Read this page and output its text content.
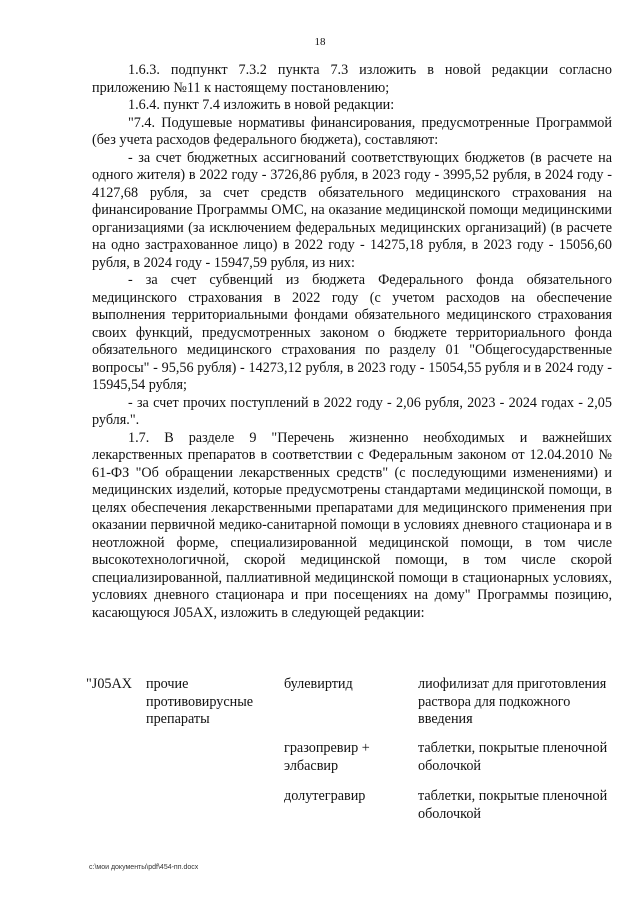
18

1.6.3. подпункт 7.3.2 пункта 7.3 изложить в новой редакции согласно приложению №11 к настоящему постановлению;

1.6.4. пункт 7.4 изложить в новой редакции:

"7.4. Подушевые нормативы финансирования, предусмотренные Программой (без учета расходов федерального бюджета), составляют:

- за счет бюджетных ассигнований соответствующих бюджетов (в расчете на одного жителя) в 2022 году - 3726,86 рубля, в 2023 году - 3995,52 рубля, в 2024 году - 4127,68 рубля, за счет средств обязательного медицинского страхования на финансирование Программы ОМС, на оказание медицинской помощи медицинскими организациями (за исключением федеральных медицинских организаций) (в расчете на одно застрахованное лицо) в 2022 году - 14275,18 рубля, в 2023 году - 15056,60 рубля, в 2024 году - 15947,59 рубля, из них:

- за счет субвенций из бюджета Федерального фонда обязательного медицинского страхования в 2022 году (с учетом расходов на обеспечение выполнения территориальными фондами обязательного медицинского страхования своих функций, предусмотренных законом о бюджете территориального фонда обязательного медицинского страхования по разделу 01 "Общегосударственные вопросы" - 95,56 рубля) - 14273,12 рубля, в 2023 году - 15054,55 рубля и в 2024 году - 15945,54 рубля;

- за счет прочих поступлений в 2022 году - 2,06 рубля, 2023 - 2024 годах - 2,05 рубля.".

1.7. В разделе 9 "Перечень жизненно необходимых и важнейших лекарственных препаратов в соответствии с Федеральным законом от 12.04.2010 № 61-ФЗ "Об обращении лекарственных средств" (с последующими изменениями) и медицинских изделий, которые предусмотрены стандартами медицинской помощи, в целях обеспечения лекарственными препаратами для медицинского применения при оказании первичной медико-санитарной помощи в условиях дневного стационара и в неотложной форме, специализированной медицинской помощи, в том числе высокотехнологичной, скорой медицинской помощи, в том числе скорой специализированной, паллиативной медицинской помощи в стационарных условиях, условиях дневного стационара и при посещениях на дому" Программы позицию, касающуюся J05AX, изложить в следующей редакции:

"J05AX прочие противовирусные препараты
булевиртид	лиофилизат для приготовления раствора для подкожного введения
гразопревир + элбасвир
таблетки, покрытые пленочной оболочкой
долутегравир	таблетки, покрытые пленочной оболочкой
c:\мои документы\pdf\454-пп.docx
